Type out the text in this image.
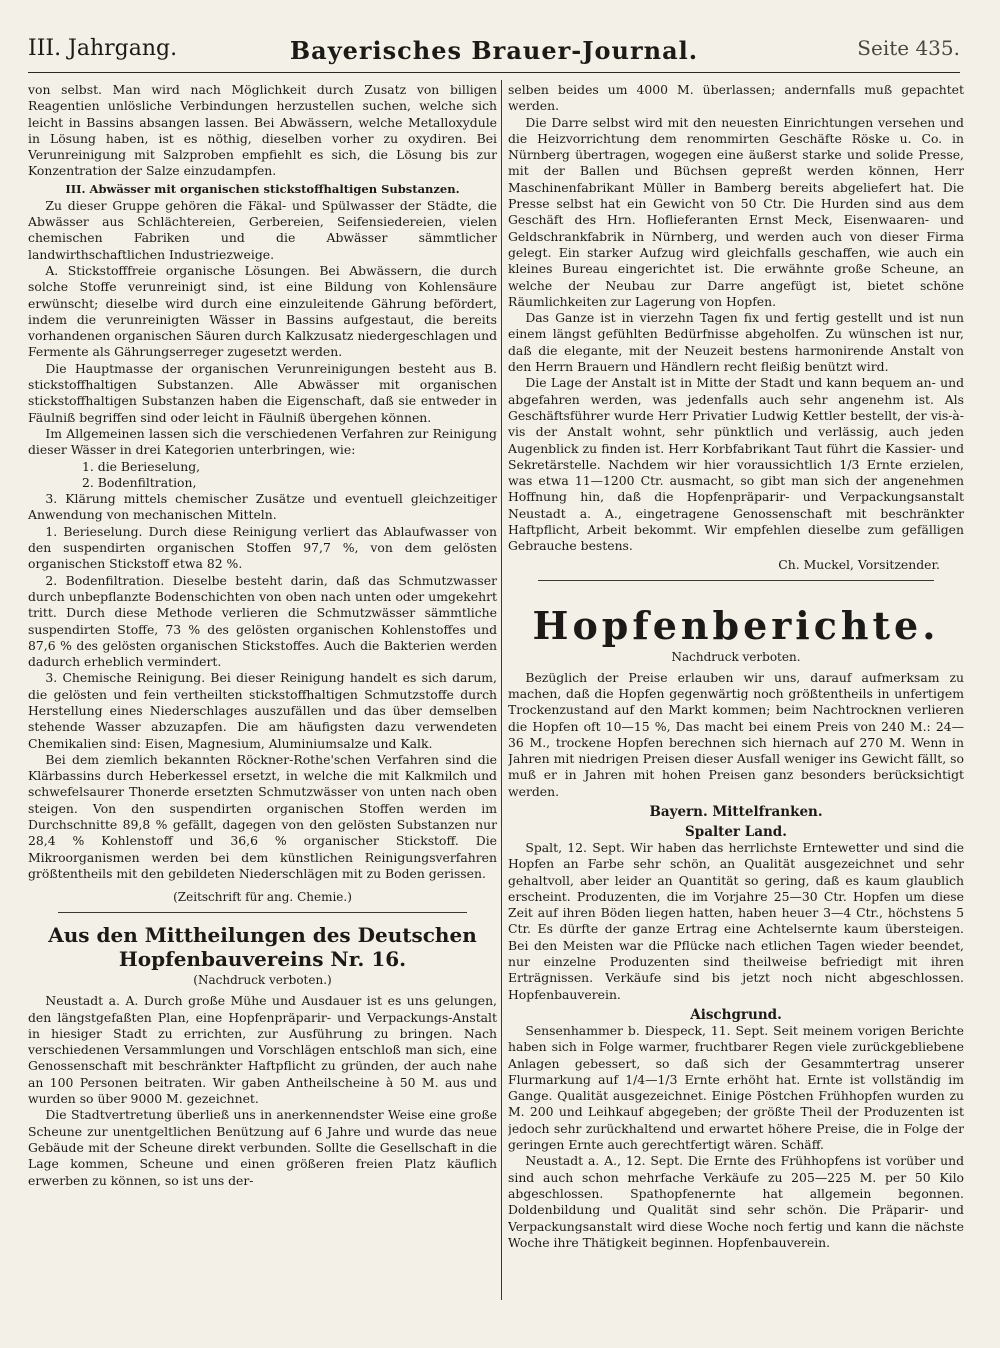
Bayerisches Brauer-Journal.
III. Jahrgang.	Seite 435.

von selbst. Man wird nach Möglichkeit durch Zusatz von billigen Reagentien unlösliche Verbindungen herzustellen suchen, welche sich leicht in Bassins absangen lassen. Bei Abwässern, welche Metalloxydule in Lösung haben, ist es nöthig, dieselben vorher zu oxydiren. Bei Verunreinigung mit Salzproben empfiehlt es sich, die Lösung bis zur Konzentration der Salze einzudampfen.

III. Abwässer mit organischen stickstoffhaltigen Substanzen.

Zu dieser Gruppe gehören die Fäkal- und Spülwasser der Städte, die Abwässer aus Schlächtereien, Gerbereien, Seifensiedereien, vielen chemischen Fabriken und die Abwässer sämmtlicher landwirthschaftlichen Industriezweige.

A. Stickstofffreie organische Lösungen. Bei Abwässern, die durch solche Stoffe verunreinigt sind, ist eine Bildung von Kohlensäure erwünscht; dieselbe wird durch eine einzuleitende Gährung befördert, indem die verunreinigten Wässer in Bassins aufgestaut, die bereits vorhandenen organischen Säuren durch Kalkzusatz niedergeschlagen und Fermente als Gährungserreger zugesetzt werden.

Die Hauptmasse der organischen Verunreinigungen besteht aus B. stickstoffhaltigen Substanzen. Alle Abwässer mit organischen stickstoffhaltigen Substanzen haben die Eigenschaft, daß sie entweder in Fäulniß begriffen sind oder leicht in Fäulniß übergehen können.

Im Allgemeinen lassen sich die verschiedenen Verfahren zur Reinigung dieser Wässer in drei Kategorien unterbringen, wie:

1. die Berieselung,
2. Bodenfiltration,

3. Klärung mittels chemischer Zusätze und eventuell gleichzeitiger Anwendung von mechanischen Mitteln.

1. Berieselung. Durch diese Reinigung verliert das Ablaufwasser von den suspendirten organischen Stoffen 97,7 %, von dem gelösten organischen Stickstoff etwa 82 %.

2. Bodenfiltration. Dieselbe besteht darin, daß das Schmutzwasser durch unbepflanzte Bodenschichten von oben nach unten oder umgekehrt tritt. Durch diese Methode verlieren die Schmutzwässer sämmtliche suspendirten Stoffe, 73 % des gelösten organischen Kohlenstoffes und 87,6 % des gelösten organischen Stickstoffes. Auch die Bakterien werden dadurch erheblich vermindert.

3. Chemische Reinigung. Bei dieser Reinigung handelt es sich darum, die gelösten und fein vertheilten stickstoffhaltigen Schmutzstoffe durch Herstellung eines Niederschlages auszufällen und das über demselben stehende Wasser abzuzapfen. Die am häufigsten dazu verwendeten Chemikalien sind: Eisen, Magnesium, Aluminiumsalze und Kalk.

Bei dem ziemlich bekannten Röckner-Rothe'schen Verfahren sind die Klärbassins durch Heberkessel ersetzt, in welche die mit Kalkmilch und schwefelsaurer Thonerde ersetzten Schmutzwässer von unten nach oben steigen. Von den suspendirten organischen Stoffen werden im Durchschnitte 89,8 % gefällt, dagegen von den gelösten Substanzen nur 28,4 % Kohlenstoff und 36,6 % organischer Stickstoff. Die Mikroorganismen werden bei dem künstlichen Reinigungsverfahren größtentheils mit den gebildeten Niederschlägen mit zu Boden gerissen.

(Zeitschrift für ang. Chemie.)

Aus den Mittheilungen des Deutschen Hopfenbauvereins Nr. 16.

(Nachdruck verboten.)

Neustadt a. A. Durch große Mühe und Ausdauer ist es uns gelungen, den längstgefaßten Plan, eine Hopfenpräparir- und Verpackungs-Anstalt in hiesiger Stadt zu errichten, zur Ausführung zu bringen. Nach verschiedenen Versammlungen und Vorschlägen entschloß man sich, eine Genossenschaft mit beschränkter Haftpflicht zu gründen, der auch nahe an 100 Personen beitraten. Wir gaben Antheilscheine à 50 M. aus und wurden so über 9000 M. gezeichnet.

Die Stadtvertretung überließ uns in anerkennendster Weise eine große Scheune zur unentgeltlichen Benützung auf 6 Jahre und wurde das neue Gebäude mit der Scheune direkt verbunden. Sollte die Gesellschaft in die Lage kommen, Scheune und einen größeren freien Platz käuflich erwerben zu können, so ist uns der-

selben beides um 4000 M. überlassen; andernfalls muß gepachtet werden.

Die Darre selbst wird mit den neuesten Einrichtungen versehen und die Heizvorrichtung dem renommirten Geschäfte Röske u. Co. in Nürnberg übertragen, wogegen eine äußerst starke und solide Presse, mit der Ballen und Büchsen gepreßt werden können, Herr Maschinenfabrikant Müller in Bamberg bereits abgeliefert hat. Die Presse selbst hat ein Gewicht von 50 Ctr. Die Hurden sind aus dem Geschäft des Hrn. Hoflieferanten Ernst Meck, Eisenwaaren- und Geldschrankfabrik in Nürnberg, und werden auch von dieser Firma gelegt. Ein starker Aufzug wird gleichfalls geschaffen, wie auch ein kleines Bureau eingerichtet ist. Die erwähnte große Scheune, an welche der Neubau zur Darre angefügt ist, bietet schöne Räumlichkeiten zur Lagerung von Hopfen.

Das Ganze ist in vierzehn Tagen fix und fertig gestellt und ist nun einem längst gefühlten Bedürfnisse abgeholfen. Zu wünschen ist nur, daß die elegante, mit der Neuzeit bestens harmonirende Anstalt von den Herrn Brauern und Händlern recht fleißig benützt wird.

Die Lage der Anstalt ist in Mitte der Stadt und kann bequem an- und abgefahren werden, was jedenfalls auch sehr angenehm ist. Als Geschäftsführer wurde Herr Privatier Ludwig Kettler bestellt, der vis-à-vis der Anstalt wohnt, sehr pünktlich und verlässig, auch jeden Augenblick zu finden ist. Herr Korbfabrikant Taut führt die Kassier- und Sekretärstelle. Nachdem wir hier voraussichtlich 1/3 Ernte erzielen, was etwa 11—1200 Ctr. ausmacht, so gibt man sich der angenehmen Hoffnung hin, daß die Hopfenpräparir- und Verpackungsanstalt Neustadt a. A., eingetragene Genossenschaft mit beschränkter Haftpflicht, Arbeit bekommt. Wir empfehlen dieselbe zum gefälligen Gebrauche bestens.

Ch. Muckel, Vorsitzender.

Hopfenberichte.

Nachdruck verboten.

Bezüglich der Preise erlauben wir uns, darauf aufmerksam zu machen, daß die Hopfen gegenwärtig noch größtentheils in unfertigem Trockenzustand auf den Markt kommen; beim Nachtrocknen verlieren die Hopfen oft 10—15 %, Das macht bei einem Preis von 240 M.: 24—36 M., trockene Hopfen berechnen sich hiernach auf 270 M. Wenn in Jahren mit niedrigen Preisen dieser Ausfall weniger ins Gewicht fällt, so muß er in Jahren mit hohen Preisen ganz besonders berücksichtigt werden.

Bayern. Mittelfranken.

Spalter Land.

Spalt, 12. Sept. Wir haben das herrlichste Erntewetter und sind die Hopfen an Farbe sehr schön, an Qualität ausgezeichnet und sehr gehaltvoll, aber leider an Quantität so gering, daß es kaum glaublich erscheint. Produzenten, die im Vorjahre 25—30 Ctr. Hopfen um diese Zeit auf ihren Böden liegen hatten, haben heuer 3—4 Ctr., höchstens 5 Ctr. Es dürfte der ganze Ertrag eine Achtelsernte kaum übersteigen. Bei den Meisten war die Pflücke nach etlichen Tagen wieder beendet, nur einzelne Produzenten sind theilweise befriedigt mit ihren Erträgnissen. Verkäufe sind bis jetzt noch nicht abgeschlossen. Hopfenbauverein.

Aischgrund.

Sensenhammer b. Diespeck, 11. Sept. Seit meinem vorigen Berichte haben sich in Folge warmer, fruchtbarer Regen viele zurückgebliebene Anlagen gebessert, so daß sich der Gesammtertrag unserer Flurmarkung auf 1/4—1/3 Ernte erhöht hat. Ernte ist vollständig im Gange. Qualität ausgezeichnet. Einige Pöstchen Frühhopfen wurden zu M. 200 und Leihkauf abgegeben; der größte Theil der Produzenten ist jedoch sehr zurückhaltend und erwartet höhere Preise, die in Folge der geringen Ernte auch gerechtfertigt wären. Schäff.

Neustadt a. A., 12. Sept. Die Ernte des Frühhopfens ist vorüber und sind auch schon mehrfache Verkäufe zu 205—225 M. per 50 Kilo abgeschlossen. Spathopfenernte hat allgemein begonnen. Doldenbildung und Qualität sind sehr schön. Die Präparir- und Verpackungsanstalt wird diese Woche noch fertig und kann die nächste Woche ihre Thätigkeit beginnen. Hopfenbauverein.
